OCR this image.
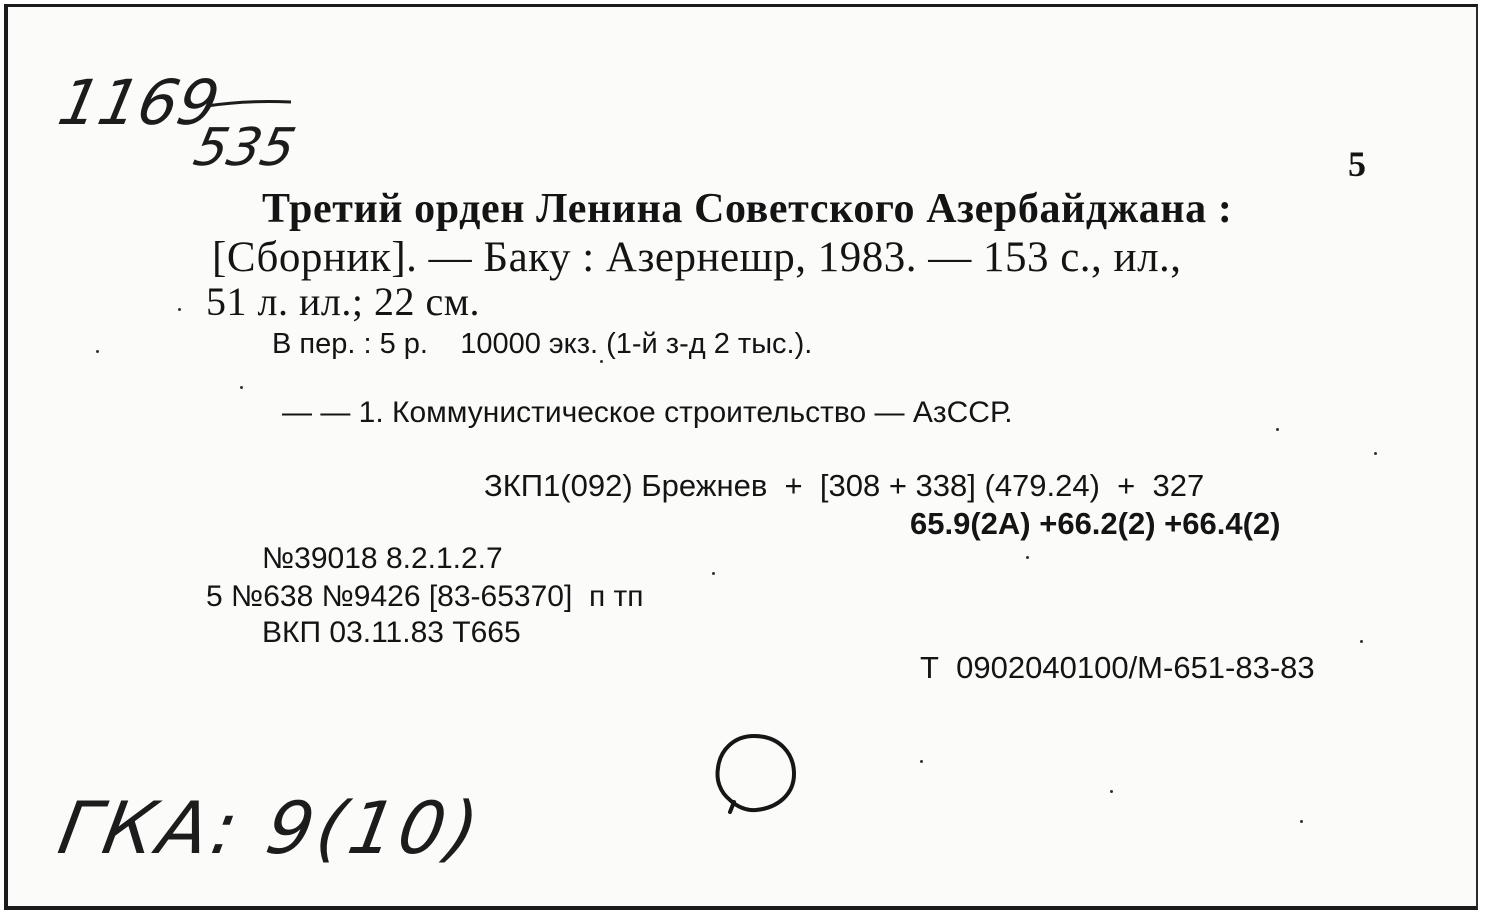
1169
535	5
Третий орден Ленина Советского Азербайджана :
[Сборник]. — Баку : Азернешр, 1983. — 153 с., ил.,
51 л. ил.; 22 см.
В пер. : 5 р.    10000 экз. (1-й з-д 2 тыс.).
— — 1. Коммунистическое строительство — АзССР.
ЗКП1(092) Брежнев  +  [308 + 338] (479.24)  +  327
65.9(2А) +66.2(2) +66.4(2)
№39018 8.2.1.2.7
5 №638 №9426 [83-65370]  п тп
ВКП 03.11.83 Т665
Т  0902040100/М-651-83-83
ГКА: 9(10)
